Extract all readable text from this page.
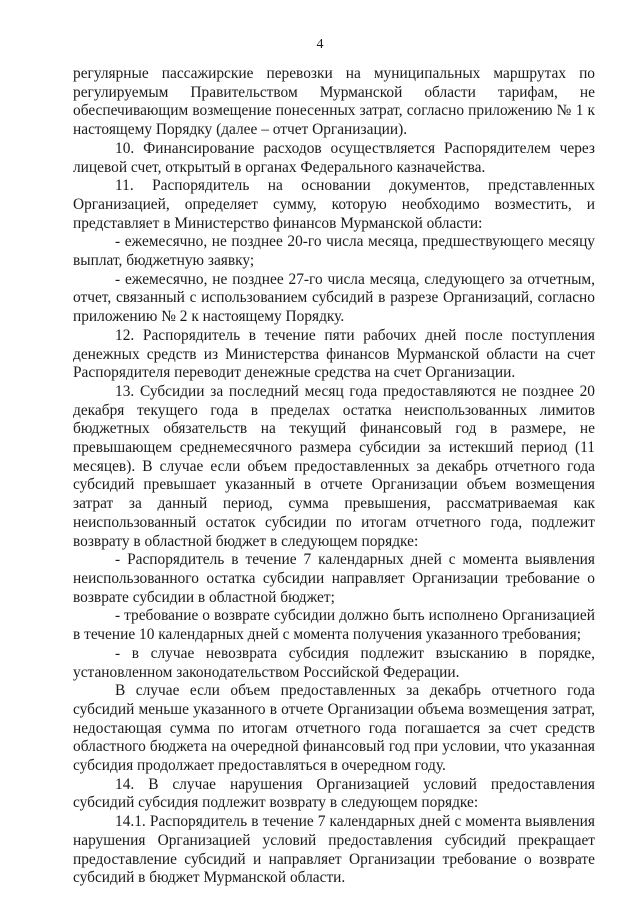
4

регулярные пассажирские перевозки на муниципальных маршрутах по регулируемым Правительством Мурманской области тарифам, не обеспечивающим возмещение понесенных затрат, согласно приложению № 1 к настоящему Порядку (далее – отчет Организации).

10. Финансирование расходов осуществляется Распорядителем через лицевой счет, открытый в органах Федерального казначейства.

11. Распорядитель на основании документов, представленных Организацией, определяет сумму, которую необходимо возместить, и представляет в Министерство финансов Мурманской области:

- ежемесячно, не позднее 20-го числа месяца, предшествующего месяцу выплат, бюджетную заявку;

- ежемесячно, не позднее 27-го числа месяца, следующего за отчетным, отчет, связанный с использованием субсидий в разрезе Организаций, согласно приложению № 2 к настоящему Порядку.

12. Распорядитель в течение пяти рабочих дней после поступления денежных средств из Министерства финансов Мурманской области на счет Распорядителя переводит денежные средства на счет Организации.

13. Субсидии за последний месяц года предоставляются не позднее 20 декабря текущего года в пределах остатка неиспользованных лимитов бюджетных обязательств на текущий финансовый год в размере, не превышающем среднемесячного размера субсидии за истекший период (11 месяцев). В случае если объем предоставленных за декабрь отчетного года субсидий превышает указанный в отчете Организации объем возмещения затрат за данный период, сумма превышения, рассматриваемая как неиспользованный остаток субсидии по итогам отчетного года, подлежит возврату в областной бюджет в следующем порядке:

- Распорядитель в течение 7 календарных дней с момента выявления неиспользованного остатка субсидии направляет Организации требование о возврате субсидии в областной бюджет;

- требование о возврате субсидии должно быть исполнено Организацией в течение 10 календарных дней с момента получения указанного требования;

- в случае невозврата субсидия подлежит взысканию в порядке, установленном законодательством Российской Федерации.

В случае если объем предоставленных за декабрь отчетного года субсидий меньше указанного в отчете Организации объема возмещения затрат, недостающая сумма по итогам отчетного года погашается за счет средств областного бюджета на очередной финансовый год при условии, что указанная субсидия продолжает предоставляться в очередном году.

14. В случае нарушения Организацией условий предоставления субсидий субсидия подлежит возврату в следующем порядке:

14.1. Распорядитель в течение 7 календарных дней с момента выявления нарушения Организацией условий предоставления субсидий прекращает предоставление субсидий и направляет Организации требование о возврате субсидий в бюджет Мурманской области.
